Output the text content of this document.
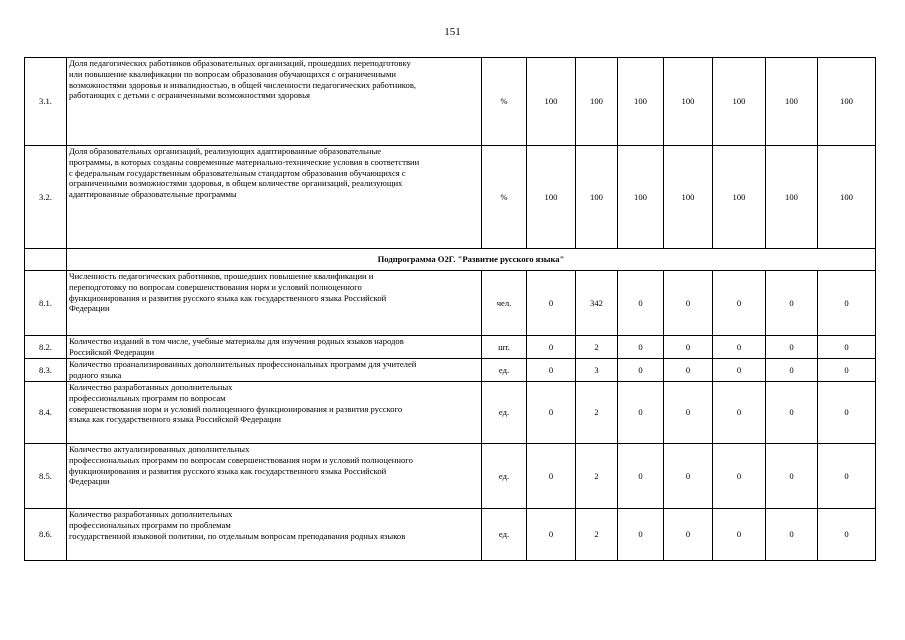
151
3.1.	Доля педагогических работников образовательных организаций, прошедших переподготовку
или повышение квалификации по вопросам образования обучающихся с ограниченными
возможностями здоровья и инвалидностью, в общей численности педагогических работников,
работающих с детьми с ограниченными возможностями здоровья	%	100	100	100	100	100	100	100
3.2.	Доля образовательных организаций, реализующих адаптированные образовательные
программы, в которых созданы современные материально-технические условия в соответствии
с федеральным государственным образовательным стандартом образования обучающихся с
ограниченными возможностями здоровья, в общем количестве организаций, реализующих
адаптированные образовательные программы	%	100	100	100	100	100	100	100
	Подпрограмма О2Г. "Развитие русского языка"								
8.1.	Численность педагогических работников, прошедших повышение квалификации и
переподготовку по вопросам совершенствования норм и условий полноценного
функционирования и развития русского языка как государственного языка Российской
Федерации	чел.	0	342	0	0	0	0	0
8.2.	Количество изданий в том числе, учебные материалы для изучения родных языков народов
Российской Федерации	шт.	0	2	0	0	0	0	0
8.3.	Количество проанализированных дополнительных профессиональных программ для учителей
родного языка	ед.	0	3	0	0	0	0	0
8.4.	Количество разработанных дополнительных
профессиональных программ по вопросам
совершенствования норм и условий полноценного функционирования и развития русского
языка как государственного языка Российской Федерации	ед.	0	2	0	0	0	0	0
8.5.	Количество актуализированных дополнительных
профессиональных программ по вопросам совершенствования норм и условий полноценного
функционирования и развития русского языка как государственного языка Российской
Федерации	ед.	0	2	0	0	0	0	0
8.6.	Количество разработанных дополнительных
профессиональных программ по проблемам
государственной языковой политики, по отдельным вопросам преподавания родных языков	ед.	0	2	0	0	0	0	0
